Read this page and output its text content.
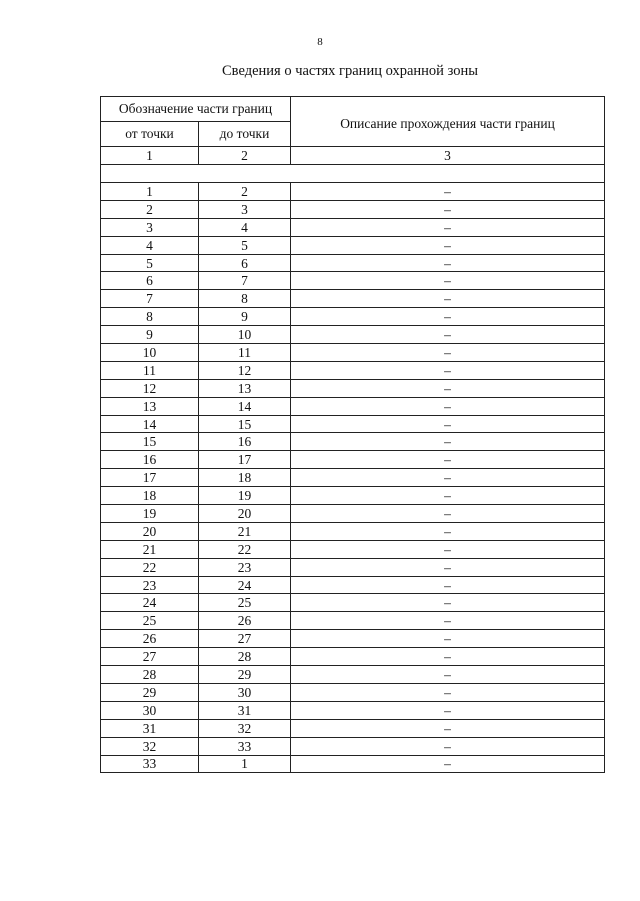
8
Сведения о частях границ охранной зоны
Обозначение части границ		Описание прохождения части границ
от точки	до точки	
1	2	3

1	2	–
2	3	–
3	4	–
4	5	–
5	6	–
6	7	–
7	8	–
8	9	–
9	10	–
10	11	–
11	12	–
12	13	–
13	14	–
14	15	–
15	16	–
16	17	–
17	18	–
18	19	–
19	20	–
20	21	–
21	22	–
22	23	–
23	24	–
24	25	–
25	26	–
26	27	–
27	28	–
28	29	–
29	30	–
30	31	–
31	32	–
32	33	–
33	1	–
